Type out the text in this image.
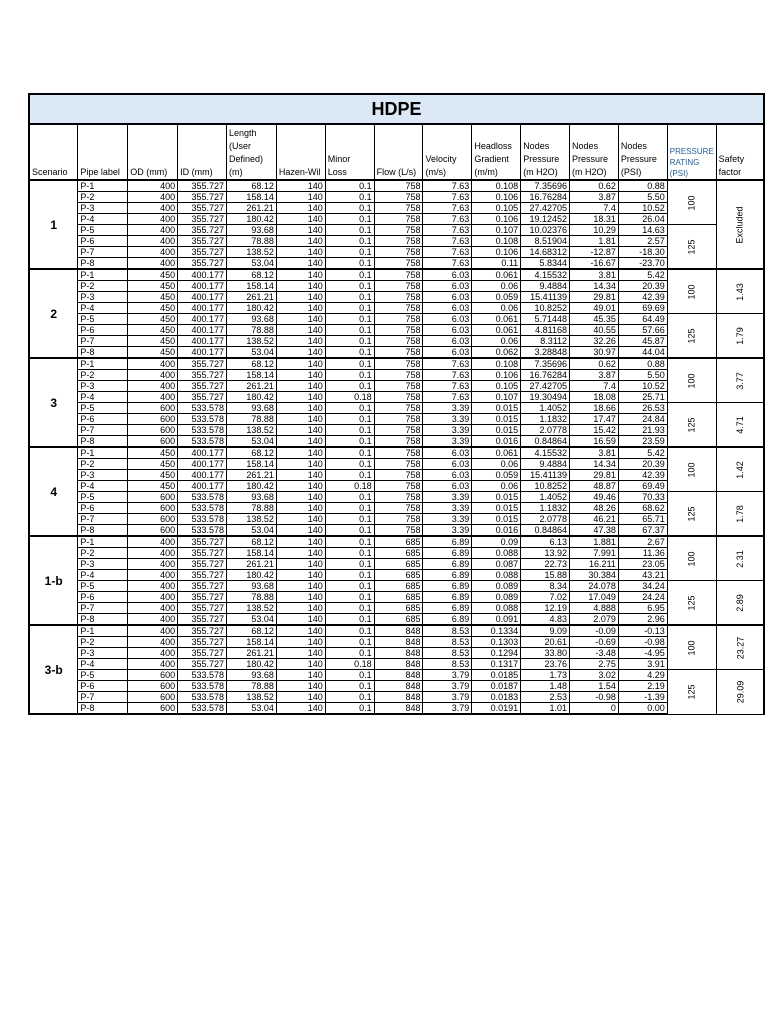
HDPE														
Scenario	Pipe label	OD (mm)	ID (mm)	Length (User Defined) (m)	Hazen-Wil	Minor Loss	Flow (L/s)	Velocity (m/s)	Headloss Gradient (m/m)	Nodes Pressure (m H2O)	Nodes Pressure (m H2O)	Nodes Pressure (PSI)	PRESSURE RATING (PSI)	Safety factor
1	P-1	400	355.727	68.12	140	0.1	758	7.63	0.108	7.35696	0.62	0.88	100	Excluded
	P-2	400	355.727	158.14	140	0.1	758	7.63	0.106	16.76284	3.87	5.50		
	P-3	400	355.727	261.21	140	0.1	758	7.63	0.105	27.42705	7.4	10.52		
	P-4	400	355.727	180.42	140	0.1	758	7.63	0.106	19.12452	18.31	26.04		
	P-5	400	355.727	93.68	140	0.1	758	7.63	0.107	10.02376	10.29	14.63	125	
	P-6	400	355.727	78.88	140	0.1	758	7.63	0.108	8.51904	1.81	2.57		
	P-7	400	355.727	138.52	140	0.1	758	7.63	0.106	14.68312	-12.87	-18.30		
	P-8	400	355.727	53.04	140	0.1	758	7.63	0.11	5.8344	-16.67	-23.70		
2	P-1	450	400.177	68.12	140	0.1	758	6.03	0.061	4.15532	3.81	5.42	100	1.43
	P-2	450	400.177	158.14	140	0.1	758	6.03	0.06	9.4884	14.34	20.39		
	P-3	450	400.177	261.21	140	0.1	758	6.03	0.059	15.41139	29.81	42.39		
	P-4	450	400.177	180.42	140	0.1	758	6.03	0.06	10.8252	49.01	69.69		
	P-5	450	400.177	93.68	140	0.1	758	6.03	0.061	5.71448	45.35	64.49	125	1.79
	P-6	450	400.177	78.88	140	0.1	758	6.03	0.061	4.81168	40.55	57.66		
	P-7	450	400.177	138.52	140	0.1	758	6.03	0.06	8.3112	32.26	45.87		
	P-8	450	400.177	53.04	140	0.1	758	6.03	0.062	3.28848	30.97	44.04		
3	P-1	400	355.727	68.12	140	0.1	758	7.63	0.108	7.35696	0.62	0.88	100	3.77
	P-2	400	355.727	158.14	140	0.1	758	7.63	0.106	16.76284	3.87	5.50		
	P-3	400	355.727	261.21	140	0.1	758	7.63	0.105	27.42705	7.4	10.52		
	P-4	400	355.727	180.42	140	0.18	758	7.63	0.107	19.30494	18.08	25.71		
	P-5	600	533.578	93.68	140	0.1	758	3.39	0.015	1.4052	18.66	26.53	125	4.71
	P-6	600	533.578	78.88	140	0.1	758	3.39	0.015	1.1832	17.47	24.84		
	P-7	600	533.578	138.52	140	0.1	758	3.39	0.015	2.0778	15.42	21.93		
	P-8	600	533.578	53.04	140	0.1	758	3.39	0.016	0.84864	16.59	23.59		
4	P-1	450	400.177	68.12	140	0.1	758	6.03	0.061	4.15532	3.81	5.42	100	1.42
	P-2	450	400.177	158.14	140	0.1	758	6.03	0.06	9.4884	14.34	20.39		
	P-3	450	400.177	261.21	140	0.1	758	6.03	0.059	15.41139	29.81	42.39		
	P-4	450	400.177	180.42	140	0.18	758	6.03	0.06	10.8252	48.87	69.49		
	P-5	600	533.578	93.68	140	0.1	758	3.39	0.015	1.4052	49.46	70.33	125	1.78
	P-6	600	533.578	78.88	140	0.1	758	3.39	0.015	1.1832	48.26	68.62		
	P-7	600	533.578	138.52	140	0.1	758	3.39	0.015	2.0778	46.21	65.71		
	P-8	600	533.578	53.04	140	0.1	758	3.39	0.016	0.84864	47.38	67.37		
1-b	P-1	400	355.727	68.12	140	0.1	685	6.89	0.09	6.13	1.881	2.67	100	2.31
	P-2	400	355.727	158.14	140	0.1	685	6.89	0.088	13.92	7.991	11.36		
	P-3	400	355.727	261.21	140	0.1	685	6.89	0.087	22.73	16.211	23.05		
	P-4	400	355.727	180.42	140	0.1	685	6.89	0.088	15.88	30.384	43.21		
	P-5	400	355.727	93.68	140	0.1	685	6.89	0.089	8.34	24.078	34.24	125	2.89
	P-6	400	355.727	78.88	140	0.1	685	6.89	0.089	7.02	17.049	24.24		
	P-7	400	355.727	138.52	140	0.1	685	6.89	0.088	12.19	4.888	6.95		
	P-8	400	355.727	53.04	140	0.1	685	6.89	0.091	4.83	2.079	2.96		
3-b	P-1	400	355.727	68.12	140	0.1	848	8.53	0.1334	9.09	-0.09	-0.13	100	23.27
	P-2	400	355.727	158.14	140	0.1	848	8.53	0.1303	20.61	-0.69	-0.98		
	P-3	400	355.727	261.21	140	0.1	848	8.53	0.1294	33.80	-3.48	-4.95		
	P-4	400	355.727	180.42	140	0.18	848	8.53	0.1317	23.76	2.75	3.91		
	P-5	600	533.578	93.68	140	0.1	848	3.79	0.0185	1.73	3.02	4.29	125	29.09
	P-6	600	533.578	78.88	140	0.1	848	3.79	0.0187	1.48	1.54	2.19		
	P-7	600	533.578	138.52	140	0.1	848	3.79	0.0183	2.53	-0.98	-1.39		
	P-8	600	533.578	53.04	140	0.1	848	3.79	0.0191	1.01	0	0.00		
